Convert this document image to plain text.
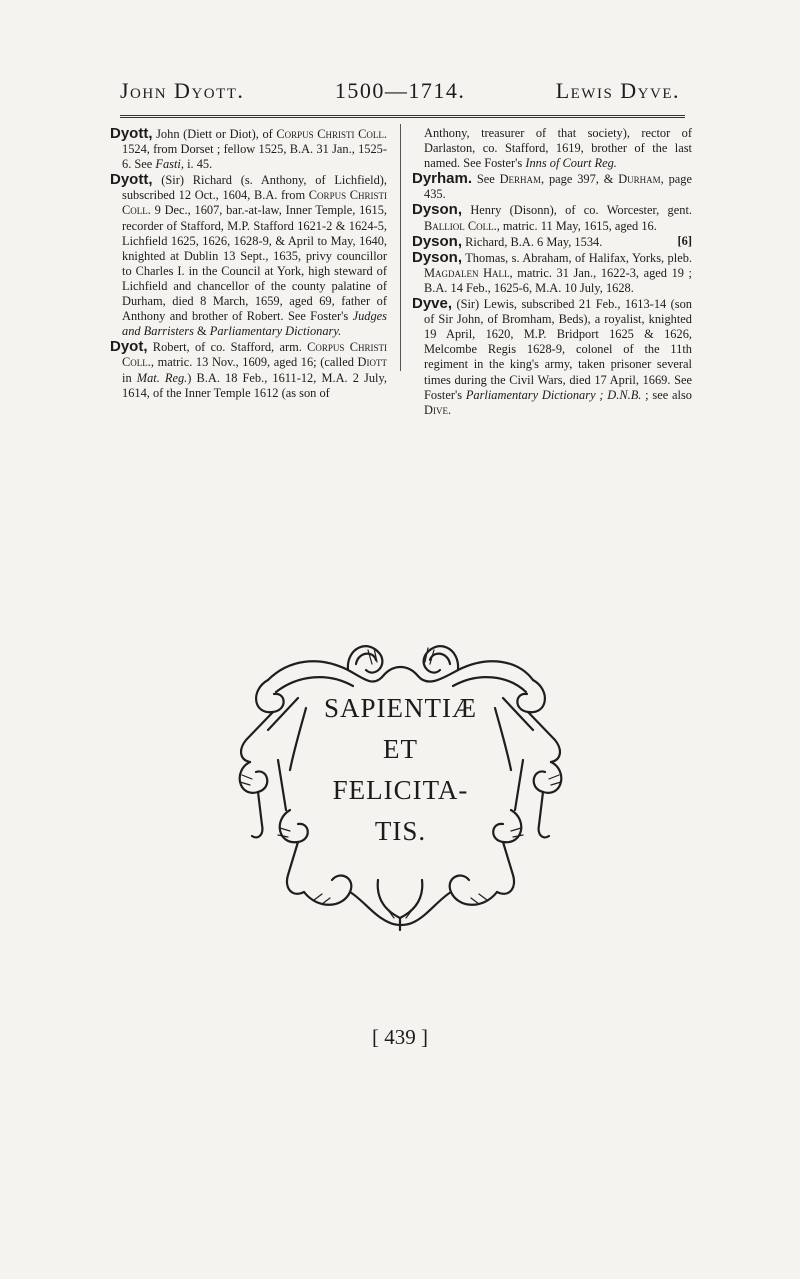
John Dyott.	1500—1714.	Lewis Dyve.

Dyott, John (Diett or Diot), of Corpus Christi Coll. 1524, from Dorset ; fellow 1525, B.A. 31 Jan., 1525-6. See Fasti, i. 45.

Dyott, (Sir) Richard (s. Anthony, of Lichfield), subscribed 12 Oct., 1604, B.A. from Corpus Christi Coll. 9 Dec., 1607, bar.-at-law, Inner Temple, 1615, recorder of Stafford, M.P. Stafford 1621-2 & 1624-5, Lichfield 1625, 1626, 1628-9, & April to May, 1640, knighted at Dublin 13 Sept., 1635, privy councillor to Charles I. in the Council at York, high steward of Lichfield and chancellor of the county palatine of Durham, died 8 March, 1659, aged 69, father of Anthony and brother of Robert. See Foster's Judges and Barristers & Parliamentary Dictionary.

Dyot, Robert, of co. Stafford, arm. Corpus Christi Coll., matric. 13 Nov., 1609, aged 16; (called Diott in Mat. Reg.) B.A. 18 Feb., 1611-12, M.A. 2 July, 1614, of the Inner Temple 1612 (as son of

Anthony, treasurer of that society), rector of Darlaston, co. Stafford, 1619, brother of the last named. See Foster's Inns of Court Reg.

Dyrham. See Derham, page 397, & Durham, page 435.

Dyson, Henry (Disonn), of co. Worcester, gent. Balliol Coll., matric. 11 May, 1615, aged 16.

Dyson, Richard, B.A. 6 May, 1534.	[6]

Dyson, Thomas, s. Abraham, of Halifax, Yorks, pleb. Magdalen Hall, matric. 31 Jan., 1622-3, aged 19 ; B.A. 14 Feb., 1625-6, M.A. 10 July, 1628.

Dyve, (Sir) Lewis, subscribed 21 Feb., 1613-14 (son of Sir John, of Bromham, Beds), a royalist, knighted 19 April, 1620, M.P. Bridport 1625 & 1626, Melcombe Regis 1628-9, colonel of the 11th regiment in the king's army, taken prisoner several times during the Civil Wars, died 17 April, 1669. See Foster's Parliamentary Dictionary ; D.N.B. ; see also Dive.

SAPIENTIÆ
ET
FELICITA-
TIS.
[ 439 ]
